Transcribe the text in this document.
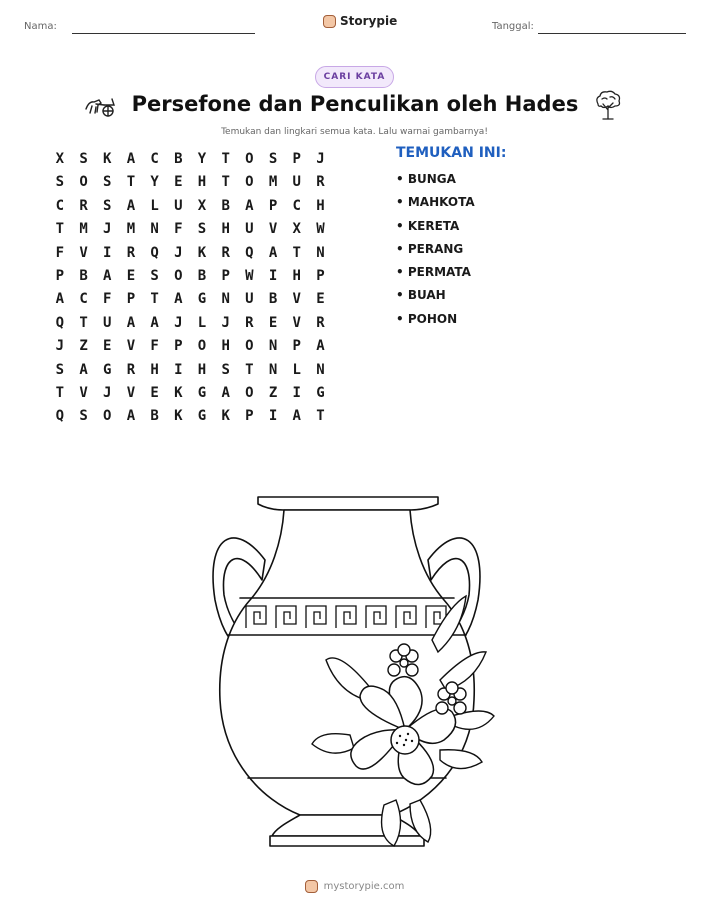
Nama:	Storypie	Tanggal:
CARI KATA
Persefone dan Penculikan oleh Hades
Temukan dan lingkari semua kata. Lalu warnai gambarnya!
X	S	K	A	C	B	Y	T	O	S	P	J
S	O	S	T	Y	E	H	T	O	M	U	R
C	R	S	A	L	U	X	B	A	P	C	H
T	M	J	M	N	F	S	H	U	V	X	W
F	V	I	R	Q	J	K	R	Q	A	T	N
P	B	A	E	S	O	B	P	W	I	H	P
A	C	F	P	T	A	G	N	U	B	V	E
Q	T	U	A	A	J	L	J	R	E	V	R
J	Z	E	V	F	P	O	H	O	N	P	A
S	A	G	R	H	I	H	S	T	N	L	N
T	V	J	V	E	K	G	A	O	Z	I	G
Q	S	O	A	B	K	G	K	P	I	A	T
TEMUKAN INI:
• BUNGA
• MAHKOTA
• KERETA
• PERANG
• PERMATA
• BUAH
• POHON
mystorypie.com
